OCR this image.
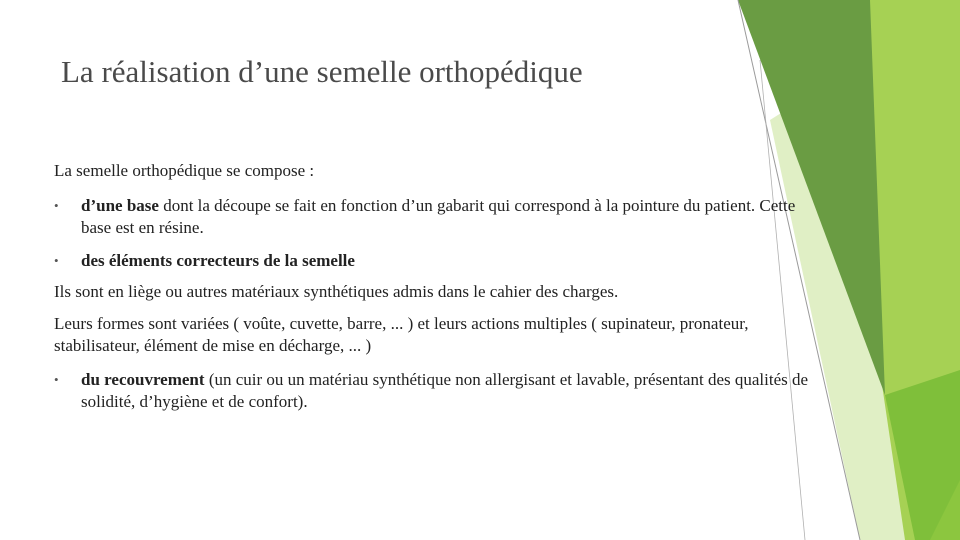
La réalisation d’une semelle orthopédique

La semelle orthopédique se compose :

• d’une base dont la découpe se fait en fonction d’un gabarit qui correspond à la pointure du patient. Cette base est en résine.
• des éléments correcteurs de la semelle

Ils sont en liège ou autres matériaux synthétiques admis dans le cahier des charges.

Leurs formes sont variées ( voûte, cuvette, barre, ... ) et leurs actions multiples ( supinateur, pronateur, stabilisateur, élément de mise en décharge, ... )

• du recouvrement (un cuir ou un matériau synthétique non allergisant et lavable, présentant des qualités de solidité, d’hygiène et de confort).
